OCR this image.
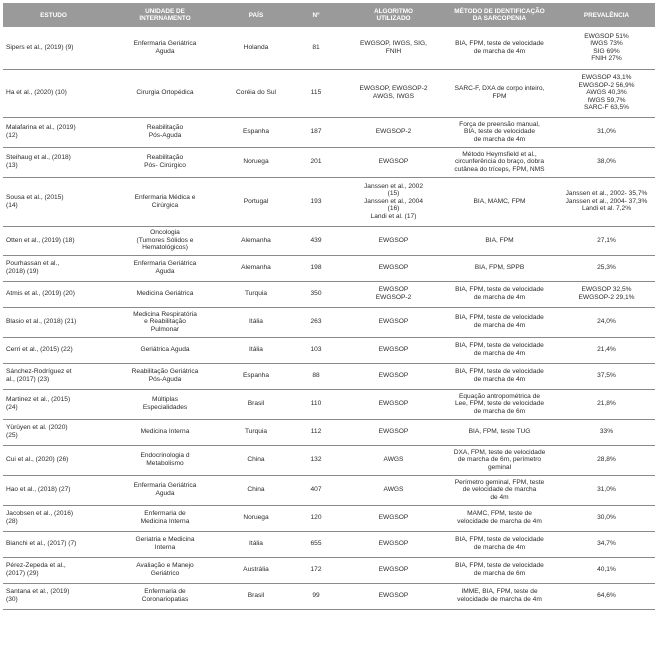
ESTUDO	UNIDADE DE
INTERNAMENTO	PAÍS	Nº	ALGORITMO
UTILIZADO	MÉTODO DE IDENTIFICAÇÃO
DA SARCOPENIA	PREVALÊNCIA

Sipers et al., (2019) (9)	Enfermaria Geriátrica
Aguda	Holanda	81	EWGSOP, IWGS, SIG,
FNIH	BIA, FPM, teste de velocidade
de marcha de 4m	EWGSOP 51%
IWGS 73%
SIG 69%
FNIH 27%

Ha et al., (2020) (10)	Cirurgia Ortopédica	Coréia do Sul	115	EWGSOP, EWGSOP-2
AWGS, IWGS	SARC-F, DXA de corpo inteiro,
FPM	EWGSOP 43,1%
EWGSOP-2 56,9%
AWGS 40,3%
IWGS 59,7%
SARC-F 63,5%

Malafarina et al., (2019)
(12)	Reabilitação
Pós-Aguda	Espanha	187	EWGSOP-2	Força de preensão manual,
BIA, teste de velocidade
de marcha de 4m	31,0%

Steihaug et al., (2018)
(13)	Reabilitação
Pós- Cirúrgico	Noruega	201	EWGSOP	Método Heymsfield et al.,
circunferência do braço, dobra
cutânea do tríceps, FPM, NMS	38,0%

Sousa et al., (2015)
(14)	Enfermaria Médica e
Cirúrgica	Portugal	193	Janssen et al., 2002
(15)
Janssen et al., 2004
(16)
Landi et al. (17)	BIA, MAMC, FPM	Janssen et al., 2002- 35,7%
Janssen et al., 2004- 37,3%
Landi et al. 7,2%

Otten et al., (2019) (18)	Oncologia
(Tumores Sólidos e
Hematológicos)	Alemanha	439	EWGSOP	BIA, FPM	27,1%

Pourhassan et al.,
(2018) (19)	Enfermaria Geriátrica
Aguda	Alemanha	198	EWGSOP	BIA, FPM, SPPB	25,3%

Atmis et al., (2019) (20)	Medicina Geriátrica	Turquia	350	EWGSOP
EWGSOP-2	BIA, FPM, teste de velocidade
de marcha de 4m	EWGSOP 32,5%
EWGSOP-2 29,1%

Blasio et al., (2018) (21)	Medicina Respiratória
e Reabilitação
Pulmonar	Itália	263	EWGSOP	BIA, FPM, teste de velocidade
de marcha de 4m	24,0%

Cerri et al., (2015) (22)	Geriátrica Aguda	Itália	103	EWGSOP	BIA, FPM, teste de velocidade
de marcha de 4m	21,4%

Sánchez-Rodríguez et
al., (2017) (23)	Reabilitação Geriátrica
Pós-Aguda	Espanha	88	EWGSOP	BIA, FPM, teste de velocidade
de marcha de 4m	37,5%

Martinez et al., (2015)
(24)	Múltiplas
Especialidades	Brasil	110	EWGSOP	Equação antropométrica de
Lee, FPM, teste de velocidade
de marcha de 6m	21,8%

Yürüyen et al. (2020)
(25)	Medicina Interna	Turquia	112	EWGSOP	BIA, FPM, teste TUG	33%

Cui et al., (2020) (26)	Endocrinologia d
Metabolismo	China	132	AWGS	DXA, FPM, teste de velocidade
de marcha de 6m, perímetro
geminal	28,8%

Hao et al., (2018) (27)	Enfermaria Geriátrica
Aguda	China	407	AWGS	Perímetro geminal, FPM, teste
de velocidade de marcha
de 4m	31,0%

Jacobsen et al., (2016)
(28)	Enfermaria de
Medicina Interna	Noruega	120	EWGSOP	MAMC, FPM, teste de
velocidade de marcha de 4m	30,0%

Bianchi et al., (2017) (7)	Geriatria e Medicina
Interna	Itália	655	EWGSOP	BIA, FPM, teste de velocidade
de marcha de 4m	34,7%

Pérez-Zepeda et al.,
(2017) (29)	Avaliação e Manejo
Geriátrico	Austrália	172	EWGSOP	BIA, FPM, teste de velocidade
de marcha de 6m	40,1%

Santana et al., (2019)
(30)	Enfermaria de
Coronariopatias	Brasil	99	EWGSOP	IMME, BIA, FPM, teste de
velocidade de marcha de 4m	64,6%
